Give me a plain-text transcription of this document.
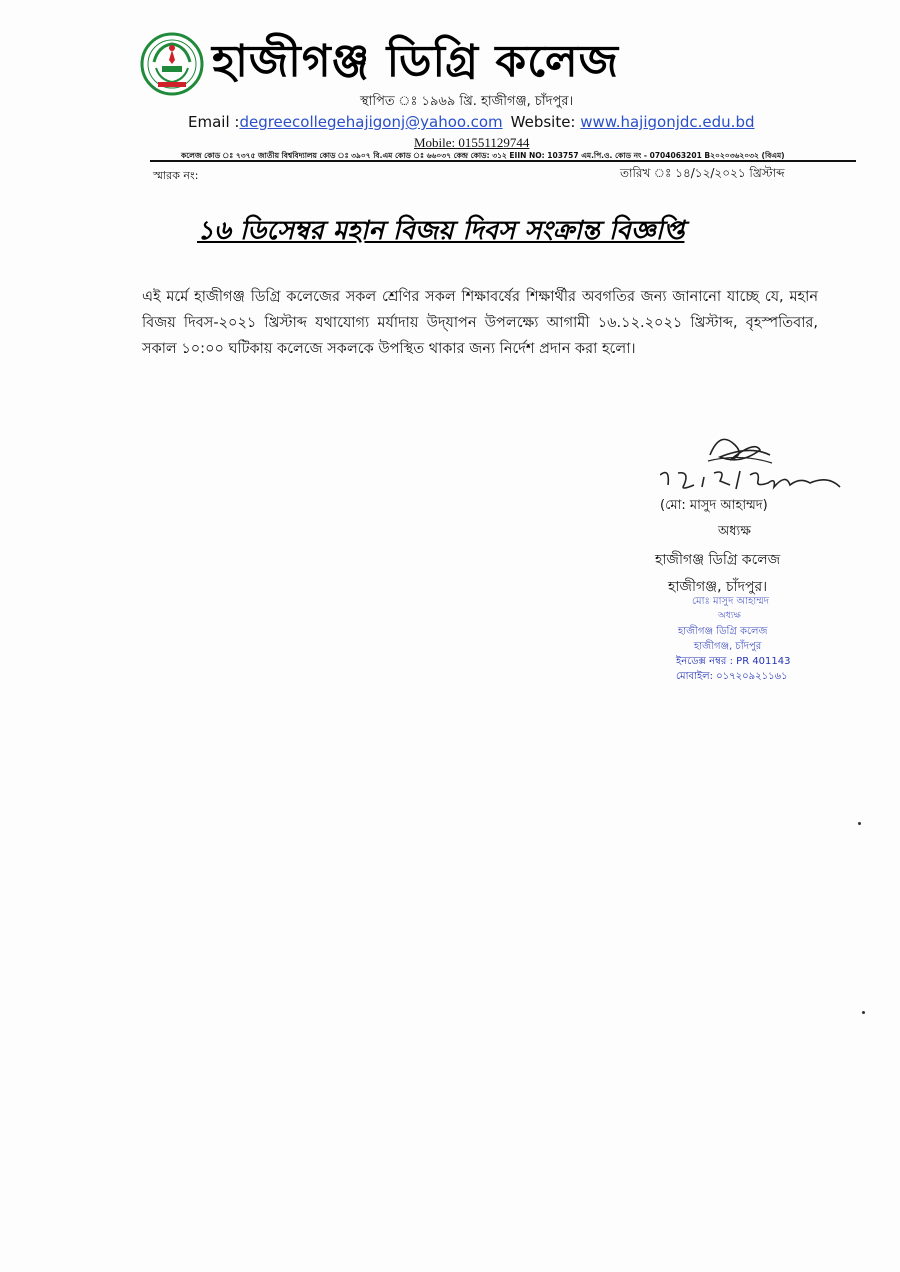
হাজীগঞ্জ ডিগ্রি কলেজ
স্থাপিত ঃ ১৯৬৯ খ্রি. হাজীগঞ্জ, চাঁদপুর।
Email :degreecollegehajigonj@yahoo.com Website: www.hajigonjdc.edu.bd
Mobile: 01551129744
কলেজ কোড ঃ ৭৩৭৫ জাতীয় বিশ্ববিদ্যালয় কোড ঃ ৩৯০৭ বি.এম কোড ঃ ৬৬০৩৭ কেন্দ্র কোড: ৩১২ EIIN NO: 103757 এম.পি.ও. কোড নং - 0704063201 B২০২০৩৬২০৩২ (বিএম)
স্মারক নং:	তারিখ ঃ ১৪/১২/২০২১ খ্রিস্টাব্দ
১৬ ডিসেম্বর মহান বিজয় দিবস সংক্রান্ত বিজ্ঞপ্তি
এই মর্মে হাজীগঞ্জ ডিগ্রি কলেজের সকল শ্রেণির সকল শিক্ষাবর্ষের শিক্ষার্থীর অবগতির জন্য জানানো যাচ্ছে যে, মহান বিজয় দিবস-২০২১ খ্রিস্টাব্দ যথাযোগ্য মর্যাদায় উদ্‌যাপন উপলক্ষ্যে আগামী ১৬.১২.২০২১ খ্রিস্টাব্দ, বৃহস্পতিবার, সকাল ১০:০০ ঘটিকায় কলেজে সকলকে উপস্থিত থাকার জন্য নির্দেশ প্রদান করা হলো।
(মো: মাসুদ আহাম্মদ)
অধ্যক্ষ
হাজীগঞ্জ ডিগ্রি কলেজ
হাজীগঞ্জ, চাঁদপুর।
মোঃ মাসুদ আহাম্মদ
অধ্যক্ষ
হাজীগঞ্জ ডিগ্রি কলেজ
হাজীগঞ্জ, চাঁদপুর
ইনডেক্স নম্বর : PR 401143
মোবাইল: ০১৭২০৯২১১৬১
